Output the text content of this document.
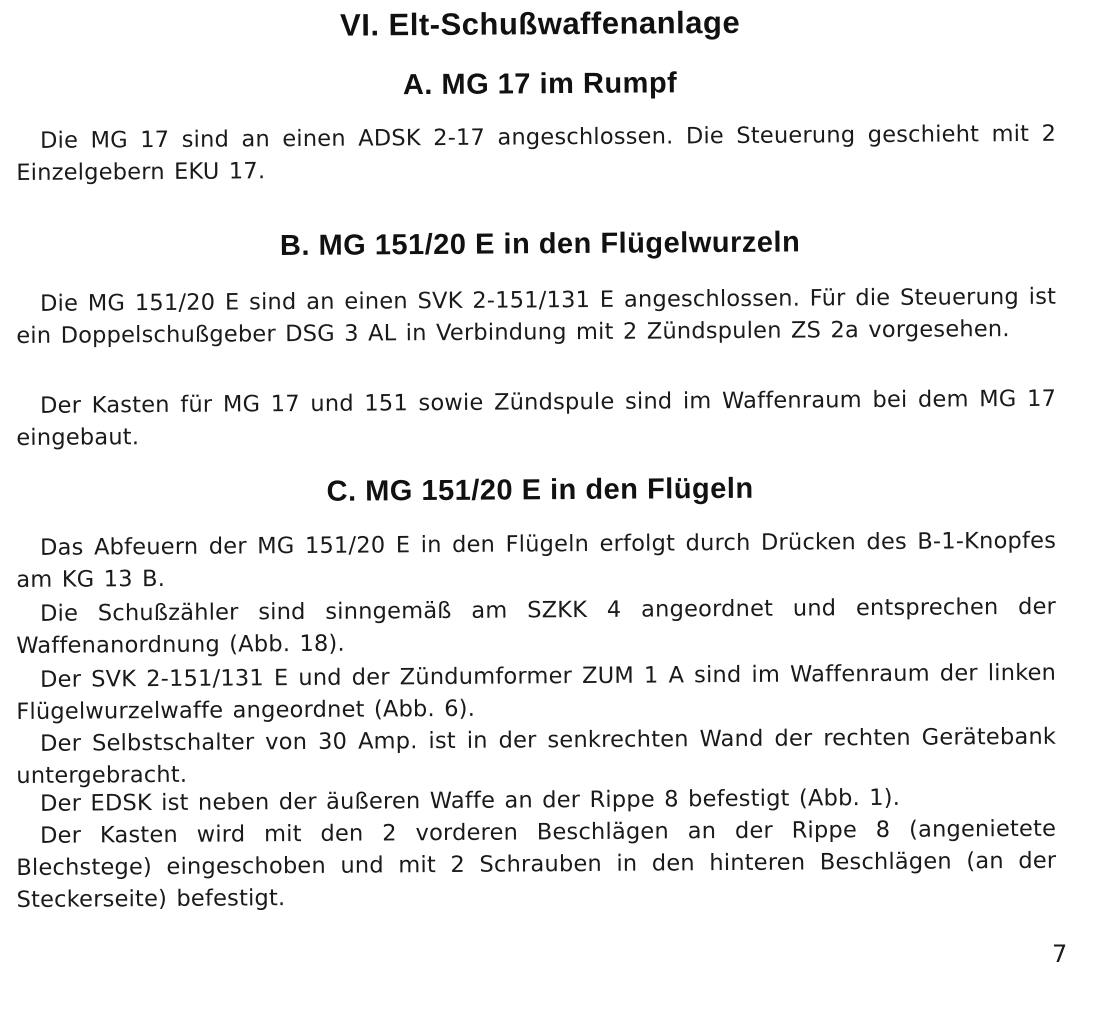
VI. Elt-Schußwaffenanlage
A. MG 17 im Rumpf

Die MG 17 sind an einen ADSK 2-17 angeschlossen. Die Steuerung geschieht mit 2 Einzelgebern EKU 17.

B. MG 151/20 E in den Flügelwurzeln

Die MG 151/20 E sind an einen SVK 2-151/131 E angeschlossen. Für die Steuerung ist ein Doppelschußgeber DSG 3 AL in Verbindung mit 2 Zündspulen ZS 2a vorgesehen.

Der Kasten für MG 17 und 151 sowie Zündspule sind im Waffenraum bei dem MG 17 eingebaut.

C. MG 151/20 E in den Flügeln

Das Abfeuern der MG 151/20 E in den Flügeln erfolgt durch Drücken des B-1-Knopfes am KG 13 B.

Die Schußzähler sind sinngemäß am SZKK 4 angeordnet und entsprechen der Waffenanordnung (Abb. 18).

Der SVK 2-151/131 E und der Zündumformer ZUM 1 A sind im Waffenraum der linken Flügelwurzelwaffe angeordnet (Abb. 6).

Der Selbstschalter von 30 Amp. ist in der senkrechten Wand der rechten Gerätebank untergebracht.

Der EDSK ist neben der äußeren Waffe an der Rippe 8 befestigt (Abb. 1).

Der Kasten wird mit den 2 vorderen Beschlägen an der Rippe 8 (angenietete Blechstege) eingeschoben und mit 2 Schrauben in den hinteren Beschlägen (an der Steckerseite) befestigt.

7
